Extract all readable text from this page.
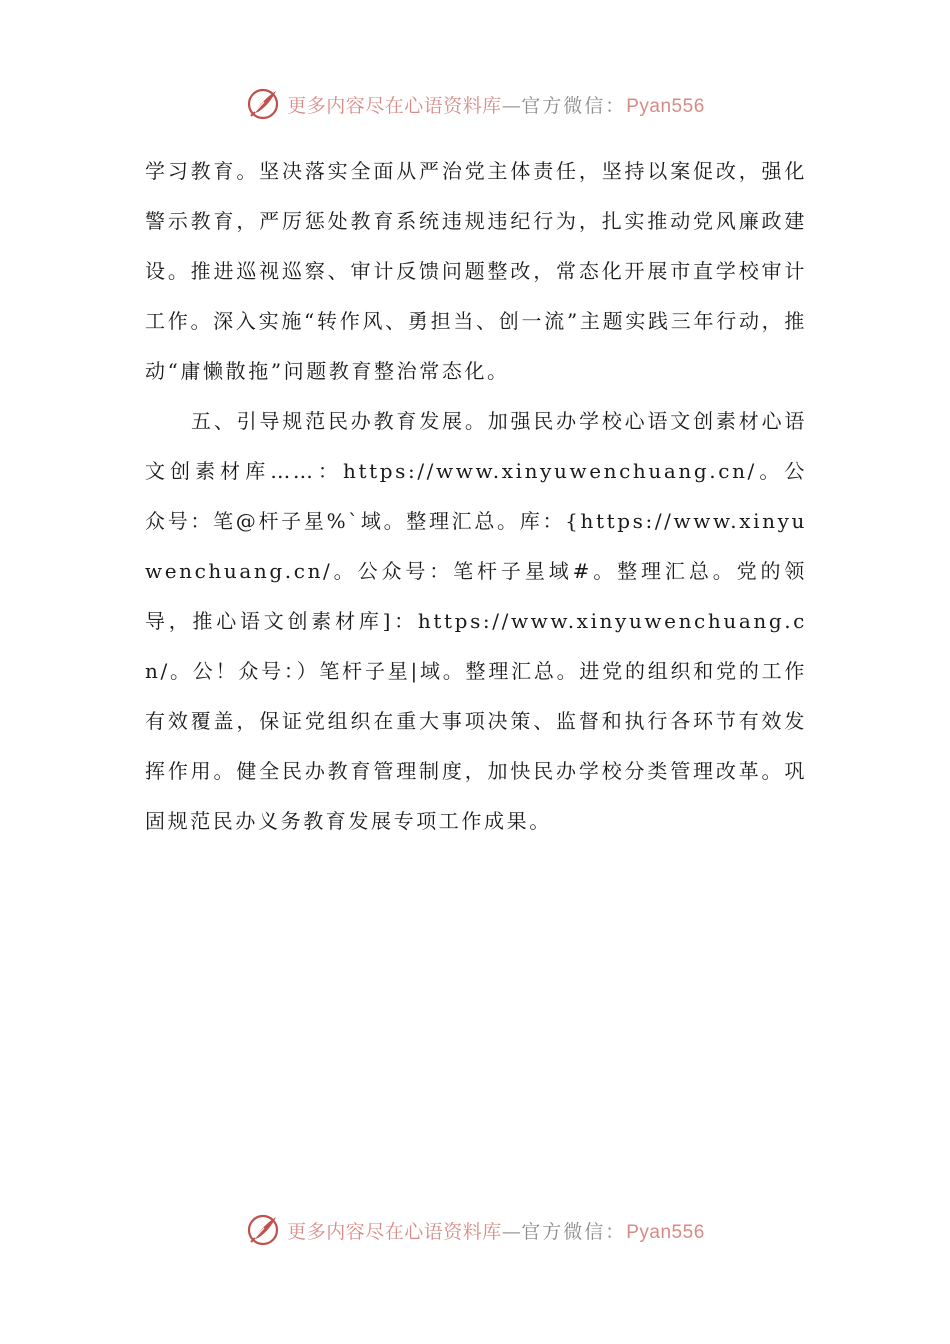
更多内容尽在心语资料库—官方微信：Pyan556

学习教育。坚决落实全面从严治党主体责任，坚持以案促改，强化警示教育，严厉惩处教育系统违规违纪行为，扎实推动党风廉政建设。推进巡视巡察、审计反馈问题整改，常态化开展市直学校审计工作。深入实施“转作风、勇担当、创一流”主题实践三年行动，推动“庸懒散拖”问题教育整治常态化。

五、引导规范民办教育发展。加强民办学校心语文创素材心语文创素材库……：https://www.xinyuwenchuang.cn/。公众号：笔@杆子星%`域。整理汇总。库：{https://www.xinyuwenchuang.cn/。公众号：笔杆子星域#。整理汇总。党的领导，推心语文创素材库]：https://www.xinyuwenchuang.cn/。公！众号：）笔杆子星|域。整理汇总。进党的组织和党的工作有效覆盖，保证党组织在重大事项决策、监督和执行各环节有效发挥作用。健全民办教育管理制度，加快民办学校分类管理改革。巩固规范民办义务教育发展专项工作成果。

更多内容尽在心语资料库—官方微信：Pyan556
